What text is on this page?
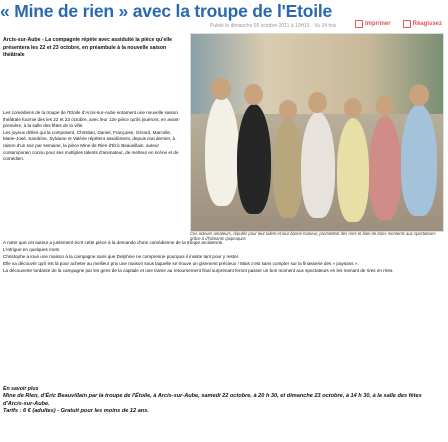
« Mine de rien » avec la troupe de l'Etoile
Publié le dimanche 09 octobre 2011 à 10H15 - Vu 34 fois	Imprimer	Réagissez
Arcis-sur-Aube - La compagnie répète avec assiduité la pièce qu'elle présentera les 22 et 23 octobre, en préambule à la nouvelle saison théâtrale
Les comédiens de la troupe de l'Etoile d'Arcis-sur-Aube entament une nouvelle saison théâtrale fournie dès les 22 et 23 octobre, avec leur 12e pièce qu'ils joueront, en avant-première, à la salle des fêtes de la ville.
Les joyeux drilles qui la composent, Christian, Daniel, Françoise, Gérard, Marcelle, Marie-José, Sandrine, Sylviane et Valérie répètent assidûment, depuis mai dernier, à raison d'un soir par semaine, la pièce Mine de Rien d'Éric Beauvillain, auteur contemporain connu pour ses multiples talents d'animateur, de metteur en scène et de comédien.
Ces acteurs amateurs, réputés pour leur talent et leur bonne humeur, promettent des rires et bien de bons moments aux spectateurs grâce à d'hilarants quiproquos
A noter que cet auteur a justement écrit cette pièce à la demande d'une comédienne de la troupe arcisienne.
L'intrigue en quelques mots
Christophe a loué une maison à la campagne sans que Delphine ne comprenne pourquoi il insiste tant pour y rester.
Elle va découvrir qu'il est là pour acheter au meilleur prix une maison sous laquelle se trouve un gisement précieux ! Mais c'est sans compter sur la finasserie des « paysans ».
La découverte tordante de la campagne par les gens de la capitale et une trame au retournement final surprenant feront passer un bon moment aux spectateurs en les menant de rires en rires.
En savoir plus
Mine de Rien, d'Éric Beauvillain par la troupe de l'Étoile, à Arcis-sur-Aube, samedi 22 octobre, à 20 h 30, et dimanche 23 octobre, à 14 h 30, à la salle des fêtes d'Arcis-sur-Aube.
Tarifs : 6 € (adultes) - Gratuit pour les moins de 12 ans.
